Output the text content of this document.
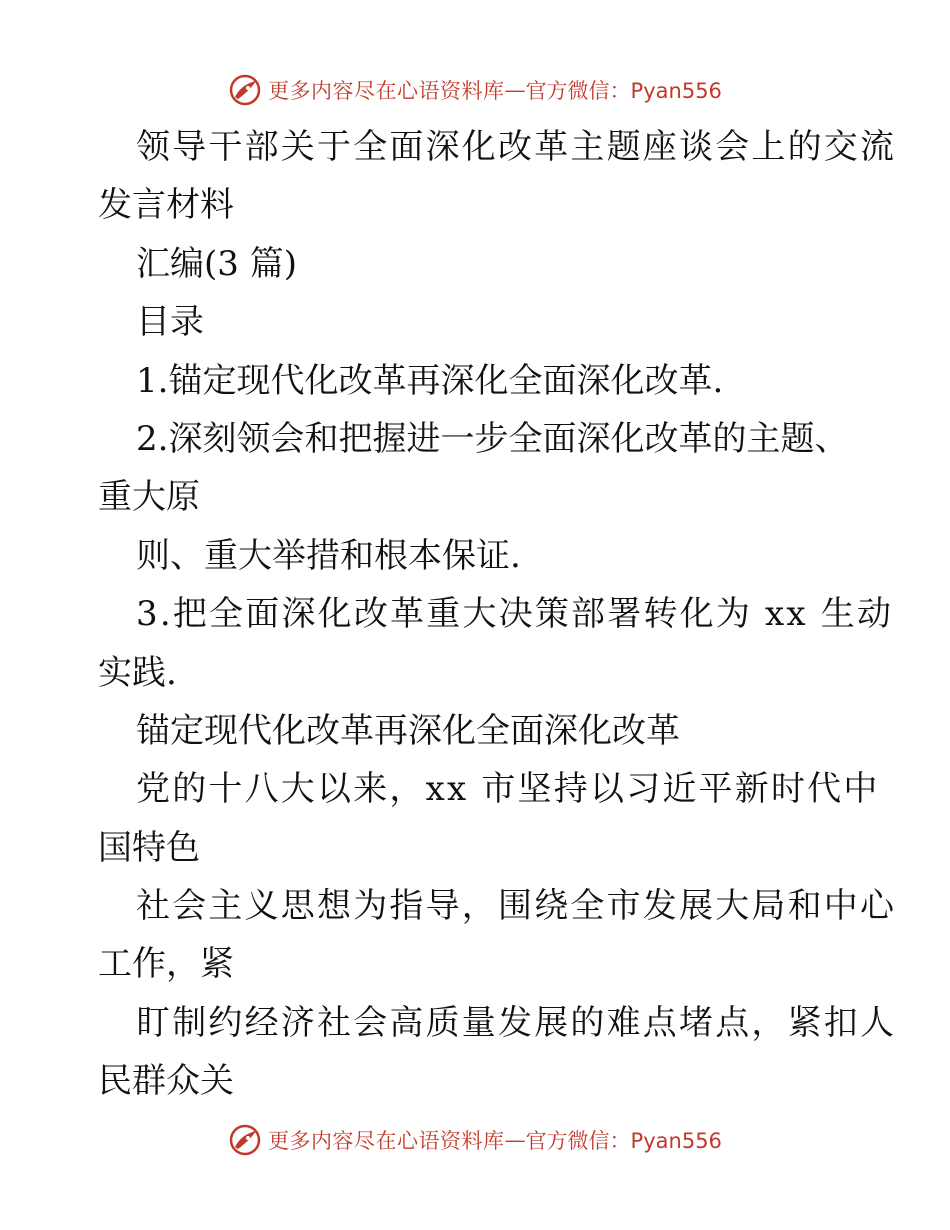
更多内容尽在心语资料库 — 官方微信：Pyan556
领导干部关于全面深化改革主题座谈会上的交流
发言材料
汇编(3 篇)
目录
1.锚定现代化改革再深化全面深化改革.
2.深刻领会和把握进一步全面深化改革的主题、
重大原
则、重大举措和根本保证.
3.把全面深化改革重大决策部署转化为 xx 生动
实践.
锚定现代化改革再深化全面深化改革
党的十八大以来，xx 市坚持以习近平新时代中
国特色
社会主义思想为指导，围绕全市发展大局和中心
工作，紧
盯制约经济社会高质量发展的难点堵点，紧扣人
民群众关
更多内容尽在心语资料库 — 官方微信：Pyan556
